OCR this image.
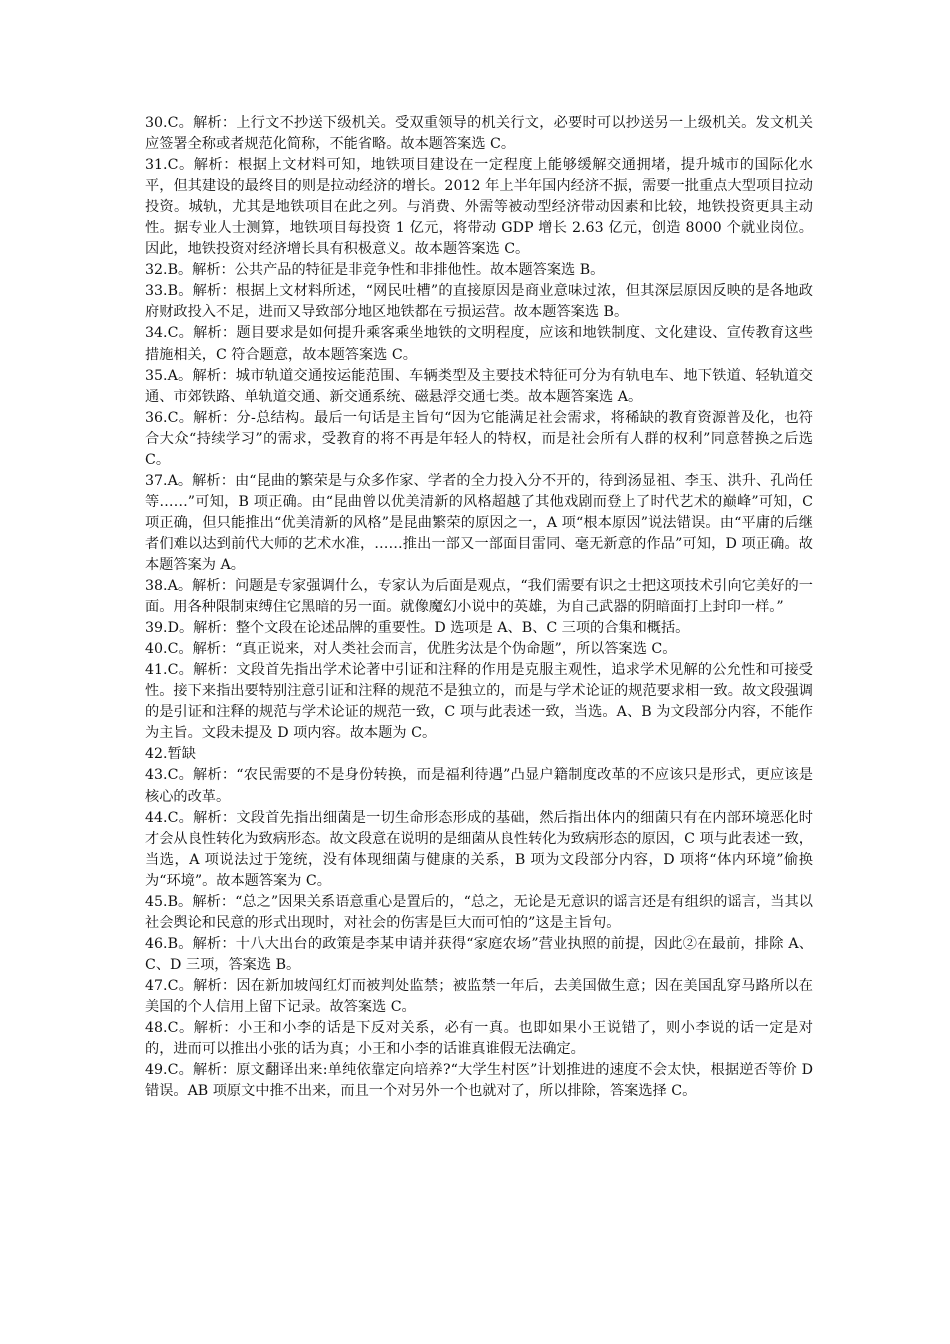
30.C。解析：上行文不抄送下级机关。受双重领导的机关行文，必要时可以抄送另一上级机关。发文机关应签署全称或者规范化简称，不能省略。故本题答案选 C。

31.C。解析：根据上文材料可知，地铁项目建设在一定程度上能够缓解交通拥堵，提升城市的国际化水平，但其建设的最终目的则是拉动经济的增长。2012 年上半年国内经济不振，需要一批重点大型项目拉动投资。城轨，尤其是地铁项目在此之列。与消费、外需等被动型经济带动因素和比较，地铁投资更具主动性。据专业人士测算，地铁项目每投资 1 亿元，将带动 GDP 增长 2.63 亿元，创造 8000 个就业岗位。因此，地铁投资对经济增长具有积极意义。故本题答案选 C。

32.B。解析：公共产品的特征是非竞争性和非排他性。故本题答案选 B。

33.B。解析：根据上文材料所述，“网民吐槽”的直接原因是商业意味过浓，但其深层原因反映的是各地政府财政投入不足，进而又导致部分地区地铁都在亏损运营。故本题答案选 B。

34.C。解析：题目要求是如何提升乘客乘坐地铁的文明程度，应该和地铁制度、文化建设、宣传教育这些措施相关，C 符合题意，故本题答案选 C。

35.A。解析：城市轨道交通按运能范围、车辆类型及主要技术特征可分为有轨电车、地下铁道、轻轨道交通、市郊铁路、单轨道交通、新交通系统、磁悬浮交通七类。故本题答案选 A。

36.C。解析：分-总结构。最后一句话是主旨句“因为它能满足社会需求，将稀缺的教育资源普及化，也符合大众“持续学习”的需求，受教育的将不再是年轻人的特权，而是社会所有人群的权利”同意替换之后选 C。

37.A。解析：由“昆曲的繁荣是与众多作家、学者的全力投入分不开的，待到汤显祖、李玉、洪升、孔尚任等……”可知，B 项正确。由“昆曲曾以优美清新的风格超越了其他戏剧而登上了时代艺术的巅峰”可知，C 项正确，但只能推出“优美清新的风格”是昆曲繁荣的原因之一，A 项“根本原因”说法错误。由“平庸的后继者们难以达到前代大师的艺术水准，……推出一部又一部面目雷同、毫无新意的作品”可知，D 项正确。故本题答案为 A。

38.A。解析：问题是专家强调什么，专家认为后面是观点，“我们需要有识之士把这项技术引向它美好的一面。用各种限制束缚住它黑暗的另一面。就像魔幻小说中的英雄，为自己武器的阴暗面打上封印一样。”

39.D。解析：整个文段在论述品牌的重要性。D 选项是 A、B、C 三项的合集和概括。

40.C。解析：“真正说来，对人类社会而言，优胜劣汰是个伪命题”，所以答案选 C。

41.C。解析：文段首先指出学术论著中引证和注释的作用是克服主观性，追求学术见解的公允性和可接受性。接下来指出要特别注意引证和注释的规范不是独立的，而是与学术论证的规范要求相一致。故文段强调的是引证和注释的规范与学术论证的规范一致，C 项与此表述一致，当选。A、B 为文段部分内容，不能作为主旨。文段未提及 D 项内容。故本题为 C。

42.暂缺

43.C。解析：“农民需要的不是身份转换，而是福利待遇”凸显户籍制度改革的不应该只是形式，更应该是核心的改革。

44.C。解析：文段首先指出细菌是一切生命形态形成的基础，然后指出体内的细菌只有在内部环境恶化时才会从良性转化为致病形态。故文段意在说明的是细菌从良性转化为致病形态的原因，C 项与此表述一致，当选，A 项说法过于笼统，没有体现细菌与健康的关系，B 项为文段部分内容，D 项将“体内环境”偷换为“环境”。故本题答案为 C。

45.B。解析：“总之”因果关系语意重心是置后的，“总之，无论是无意识的谣言还是有组织的谣言，当其以社会舆论和民意的形式出现时，对社会的伤害是巨大而可怕的”这是主旨句。

46.B。解析：十八大出台的政策是李某申请并获得“家庭农场”营业执照的前提，因此②在最前，排除 A、C、D 三项，答案选 B。

47.C。解析：因在新加坡闯红灯而被判处监禁；被监禁一年后，去美国做生意；因在美国乱穿马路所以在美国的个人信用上留下记录。故答案选 C。

48.C。解析：小王和小李的话是下反对关系，必有一真。也即如果小王说错了，则小李说的话一定是对的，进而可以推出小张的话为真；小王和小李的话谁真谁假无法确定。

49.C。解析：原文翻译出来:单纯依靠定向培养?“大学生村医”计划推进的速度不会太快，根据逆否等价 D 错误。AB 项原文中推不出来，而且一个对另外一个也就对了，所以排除，答案选择 C。
